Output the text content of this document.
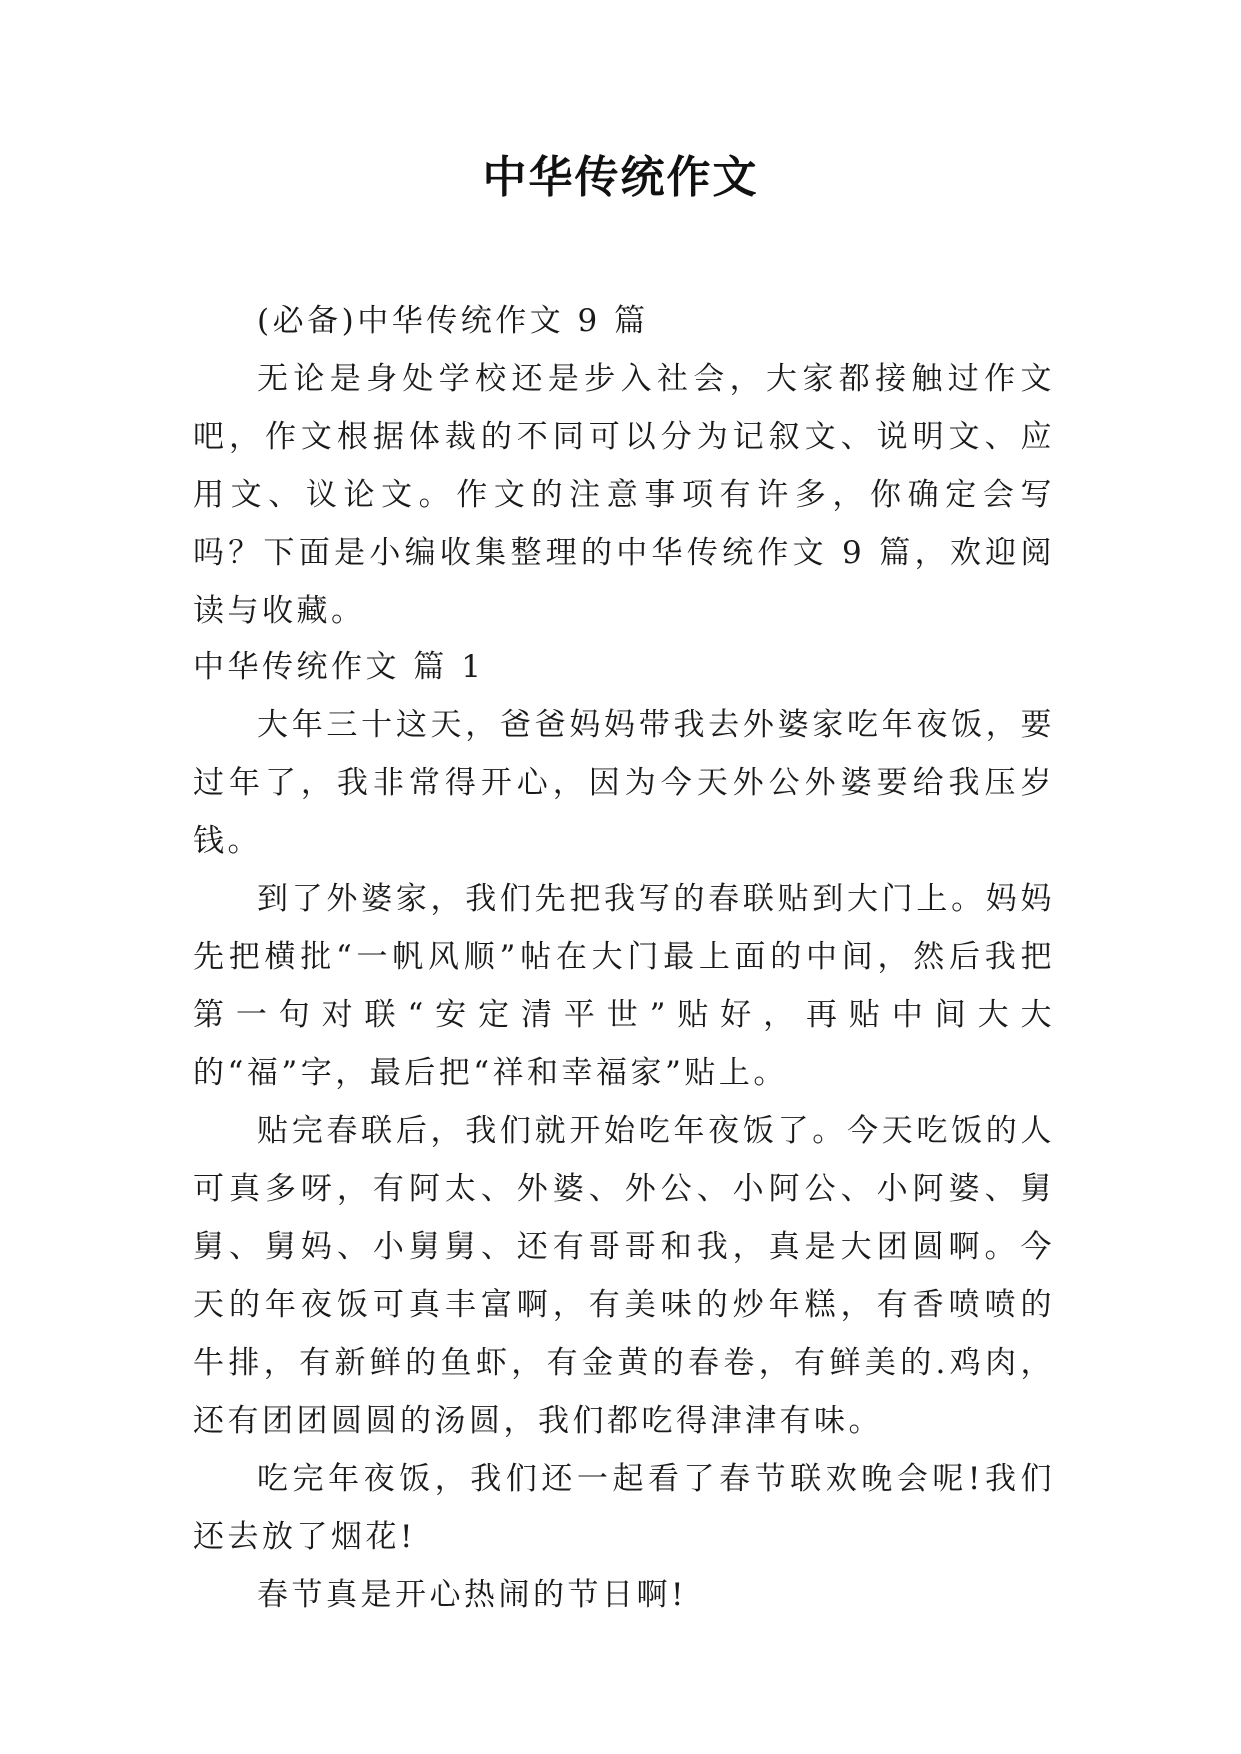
中华传统作文

(必备)中华传统作文 9 篇

无论是身处学校还是步入社会，大家都接触过作文吧，作文根据体裁的不同可以分为记叙文、说明文、应用文、议论文。作文的注意事项有许多，你确定会写吗？下面是小编收集整理的中华传统作文 9 篇，欢迎阅读与收藏。

中华传统作文 篇 1

大年三十这天，爸爸妈妈带我去外婆家吃年夜饭，要过年了，我非常得开心，因为今天外公外婆要给我压岁钱。

到了外婆家，我们先把我写的春联贴到大门上。妈妈先把横批“一帆风顺”帖在大门最上面的中间，然后我把第一句对联“安定清平世”贴好，再贴中间大大的“福”字，最后把“祥和幸福家”贴上。

贴完春联后，我们就开始吃年夜饭了。今天吃饭的人可真多呀，有阿太、外婆、外公、小阿公、小阿婆、舅舅、舅妈、小舅舅、还有哥哥和我，真是大团圆啊。今天的年夜饭可真丰富啊，有美味的炒年糕，有香喷喷的牛排，有新鲜的鱼虾，有金黄的春卷，有鲜美的.鸡肉，还有团团圆圆的汤圆，我们都吃得津津有味。

吃完年夜饭，我们还一起看了春节联欢晚会呢!我们还去放了烟花!

春节真是开心热闹的节日啊!
